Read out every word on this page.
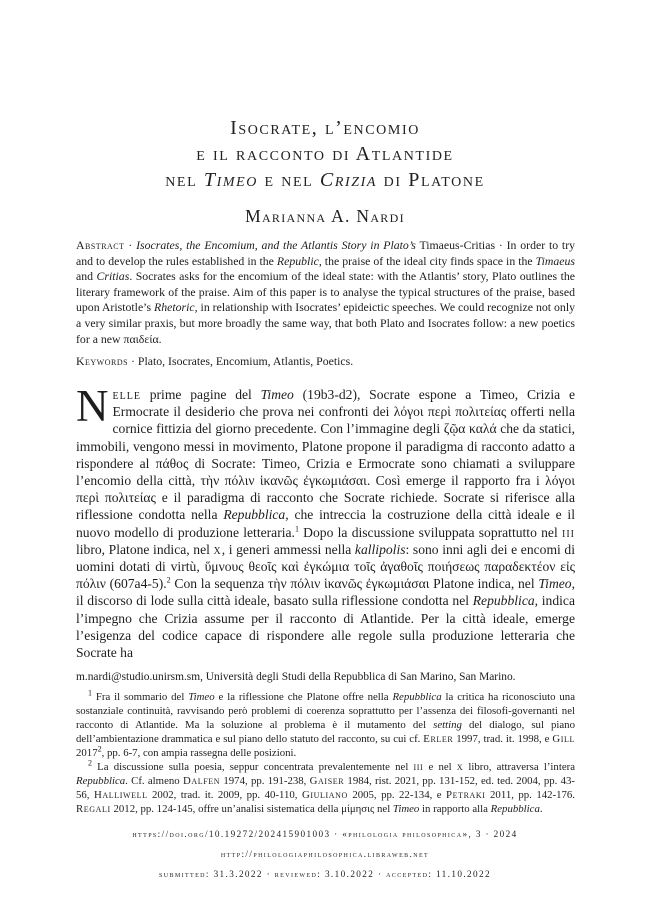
Isocrate, l’encomio
e il racconto di Atlantide
nel Timeo e nel Crizia di Platone
Marianna A. Nardi
Abstract · Isocrates, the Encomium, and the Atlantis Story in Plato’s Timaeus-Critias · In order to try and to develop the rules established in the Republic, the praise of the ideal city finds space in the Timaeus and Critias. Socrates asks for the encomium of the ideal state: with the Atlantis’ story, Plato outlines the literary framework of the praise. Aim of this paper is to analyse the typical structures of the praise, based upon Aristotle’s Rhetoric, in relationship with Isocrates’ epideictic speeches. We could recognize not only a very similar praxis, but more broadly the same way, that both Plato and Isocrates follow: a new poetics for a new παιδεία.
Keywords · Plato, Isocrates, Encomium, Atlantis, Poetics.
Nelle prime pagine del Timeo (19b3-d2), Socrate espone a Timeo, Crizia e Ermocrate il desiderio che prova nei confronti dei λόγοι περὶ πολιτείας offerti nella cornice fittizia del giorno precedente. Con l’immagine degli ζῷα καλά che da statici, immobili, vengono messi in movimento, Platone propone il paradigma di racconto adatto a rispondere al πάθος di Socrate: Timeo, Crizia e Ermocrate sono chiamati a sviluppare l’encomio della città, τὴν πόλιν ἱκανῶς ἐγκωμιάσαι. Così emerge il rapporto fra i λόγοι περὶ πολιτείας e il paradigma di racconto che Socrate richiede. Socrate si riferisce alla riflessione condotta nella Repubblica, che intreccia la costruzione della città ideale e il nuovo modello di produzione letteraria.$^1$ Dopo la discussione sviluppata soprattutto nel iii libro, Platone indica, nel x, i generi ammessi nella kallipolis: sono inni agli dei e encomi di uomini dotati di virtù, ὕμνους θεοῖς καὶ ἐγκώμια τοῖς ἀγαθοῖς ποιήσεως παραδεκτέον εἰς πόλιν (607a4-5).$^2$ Con la sequenza τὴν πόλιν ἱκανῶς ἐγκωμιάσαι Platone indica, nel Timeo, il discorso di lode sulla città ideale, basato sulla riflessione condotta nel Repubblica, indica l’impegno che Crizia assume per il racconto di Atlantide. Per la città ideale, emerge l’esigenza del codice capace di rispondere alle regole sulla produzione letteraria che Socrate ha
m.nardi@studio.unirsm.sm, Università degli Studi della Repubblica di San Marino, San Marino.

$^1$ Fra il sommario del Timeo e la riflessione che Platone offre nella Repubblica la critica ha riconosciuto una sostanziale continuità, ravvisando però problemi di coerenza soprattutto per l’assenza dei filosofi-governanti nel racconto di Atlantide. Ma la soluzione al problema è il mutamento del setting del dialogo, sul piano dell’ambientazione drammatica e sul piano dello statuto del racconto, su cui cf. Erler 1997, trad. it. 1998, e Gill 2017$^2$, pp. 6-7, con ampia rassegna delle posizioni.

$^2$ La discussione sulla poesia, seppur concentrata prevalentemente nel iii e nel x libro, attraversa l’intera Repubblica. Cf. almeno Dalfen 1974, pp. 191-238, Gaiser 1984, rist. 2021, pp. 131-152, ed. ted. 2004, pp. 43-56, Halliwell 2002, trad. it. 2009, pp. 40-110, Giuliano 2005, pp. 22-134, e Petraki 2011, pp. 142-176. Regali 2012, pp. 124-145, offre un’analisi sistematica della μίμησις nel Timeo in rapporto alla Repubblica.

https://doi.org/10.19272/202415901003 · «philologia philosophica», 3 · 2024
http://philologiaphilosophica.libraweb.net
submitted: 31.3.2022 · reviewed: 3.10.2022 · accepted: 11.10.2022
